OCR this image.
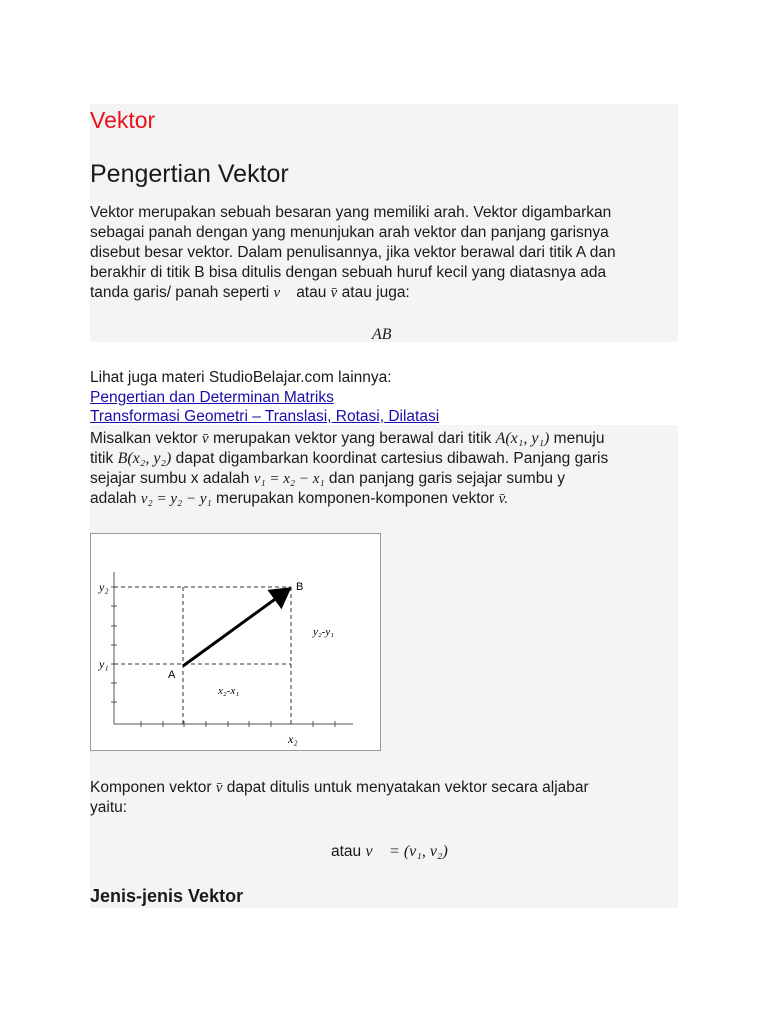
Vektor
Pengertian Vektor
Vektor merupakan sebuah besaran yang memiliki arah. Vektor digambarkan
sebagai panah dengan yang menunjukan arah vektor dan panjang garisnya
disebut besar vektor. Dalam penulisannya, jika vektor berawal dari titik A dan
berakhir di titik B bisa ditulis dengan sebuah huruf kecil yang diatasnya ada
tanda garis/ panah seperti v⃗ atau v̄ atau juga:
AB⃗
Lihat juga materi StudioBelajar.com lainnya:
Pengertian dan Determinan Matriks
Transformasi Geometri – Translasi, Rotasi, Dilatasi
Misalkan vektor v̄ merupakan vektor yang berawal dari titik A(x₁, y₁) menuju
titik B(x₂, y₂) dapat digambarkan koordinat cartesius dibawah. Panjang garis
sejajar sumbu x adalah v₁ = x₂ − x₁ dan panjang garis sejajar sumbu y
adalah v₂ = y₂ − y₁ merupakan komponen-komponen vektor v̄.
y₂
y₁
x₂
A
B
y₂-y₁
x₂-x₁
Komponen vektor v̄ dapat ditulis untuk menyatakan vektor secara aljabar
yaitu:
atau v⃗ = (v₁, v₂)
Jenis-jenis Vektor
